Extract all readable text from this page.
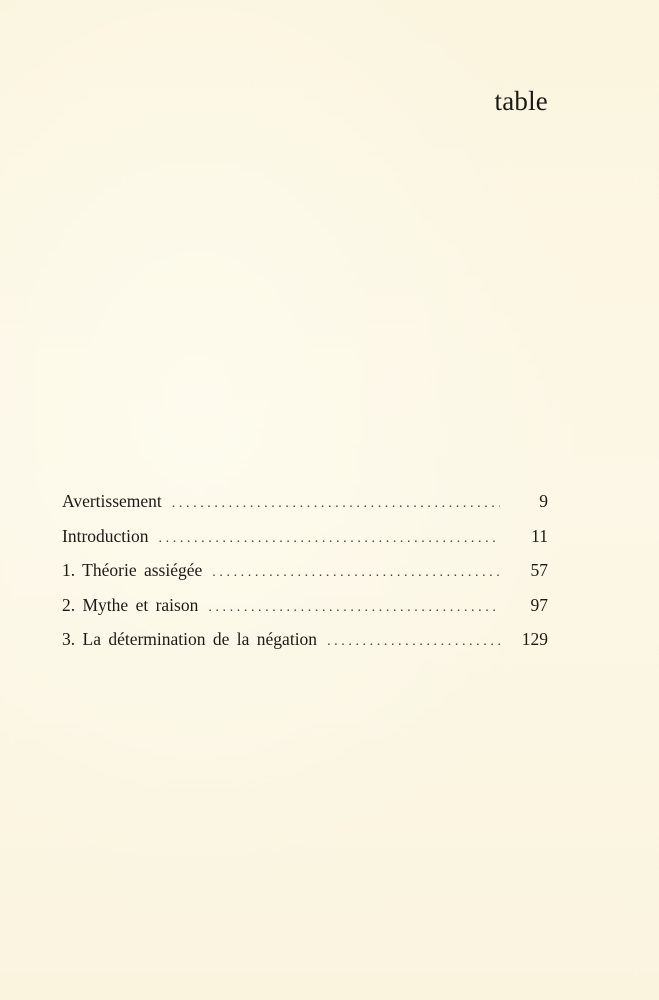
table
Avertissement .....	9
Introduction .....	11
1. Théorie assiégée .....	57
2. Mythe et raison .....	97
3. La détermination de la négation .....	129
